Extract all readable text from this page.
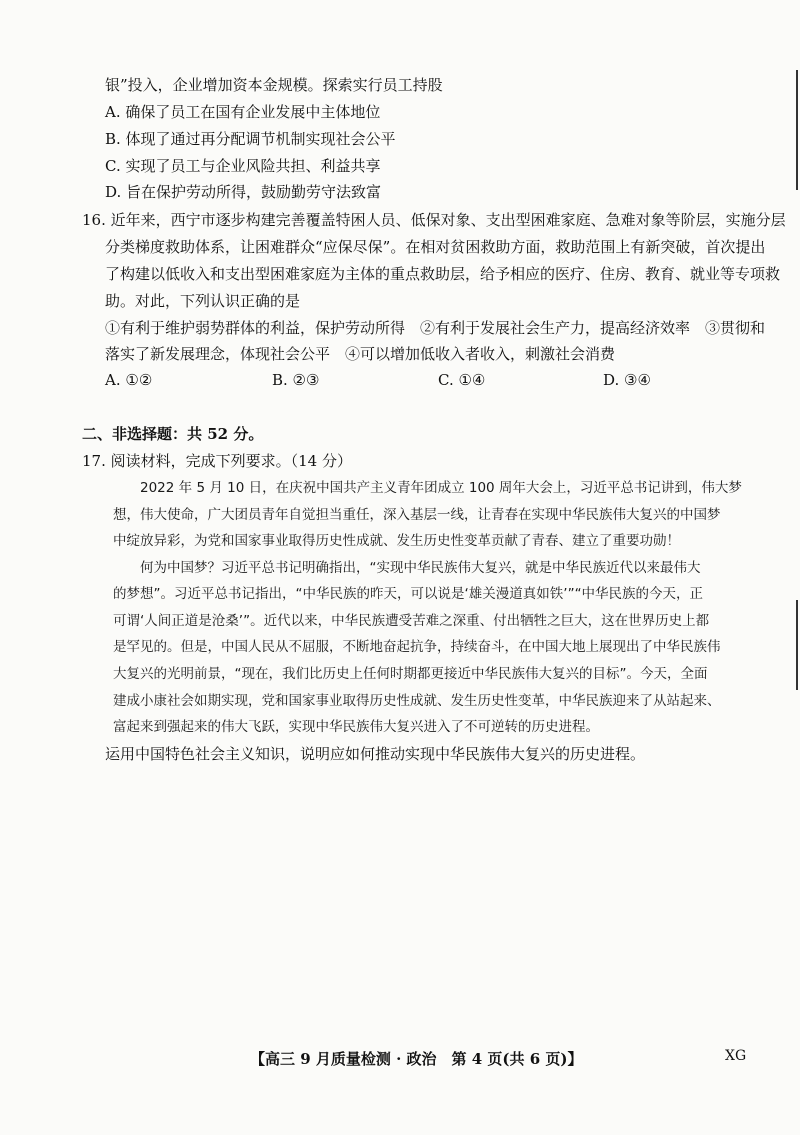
银”投入，企业增加资本金规模。探索实行员工持股
A. 确保了员工在国有企业发展中主体地位
B. 体现了通过再分配调节机制实现社会公平
C. 实现了员工与企业风险共担、利益共享
D. 旨在保护劳动所得，鼓励勤劳守法致富
16. 近年来，西宁市逐步构建完善覆盖特困人员、低保对象、支出型困难家庭、急难对象等阶层，实施分层
分类梯度救助体系，让困难群众“应保尽保”。在相对贫困救助方面，救助范围上有新突破，首次提出
了构建以低收入和支出型困难家庭为主体的重点救助层，给予相应的医疗、住房、教育、就业等专项救
助。对此，下列认识正确的是
①有利于维护弱势群体的利益，保护劳动所得　②有利于发展社会生产力，提高经济效率　③贯彻和
落实了新发展理念，体现社会公平　④可以增加低收入者收入，刺激社会消费
A. ①②	B. ②③	C. ①④	D. ③④
二、非选择题：共 52 分。
17. 阅读材料，完成下列要求。（14 分）
2022 年 5 月 10 日，在庆祝中国共产主义青年团成立 100 周年大会上，习近平总书记讲到，伟大梦
想，伟大使命，广大团员青年自觉担当重任，深入基层一线，让青春在实现中华民族伟大复兴的中国梦
中绽放异彩，为党和国家事业取得历史性成就、发生历史性变革贡献了青春、建立了重要功勋！
何为中国梦？习近平总书记明确指出，“实现中华民族伟大复兴，就是中华民族近代以来最伟大
的梦想”。习近平总书记指出，“中华民族的昨天，可以说是‘雄关漫道真如铁’”“中华民族的今天，正
可谓‘人间正道是沧桑’”。近代以来，中华民族遭受苦难之深重、付出牺牲之巨大，这在世界历史上都
是罕见的。但是，中国人民从不屈服，不断地奋起抗争，持续奋斗，在中国大地上展现出了中华民族伟
大复兴的光明前景，“现在，我们比历史上任何时期都更接近中华民族伟大复兴的目标”。今天，全面
建成小康社会如期实现，党和国家事业取得历史性成就、发生历史性变革，中华民族迎来了从站起来、
富起来到强起来的伟大飞跃，实现中华民族伟大复兴进入了不可逆转的历史进程。
运用中国特色社会主义知识，说明应如何推动实现中华民族伟大复兴的历史进程。
【高三 9 月质量检测 · 政治　第 4 页(共 6 页)】	XG
